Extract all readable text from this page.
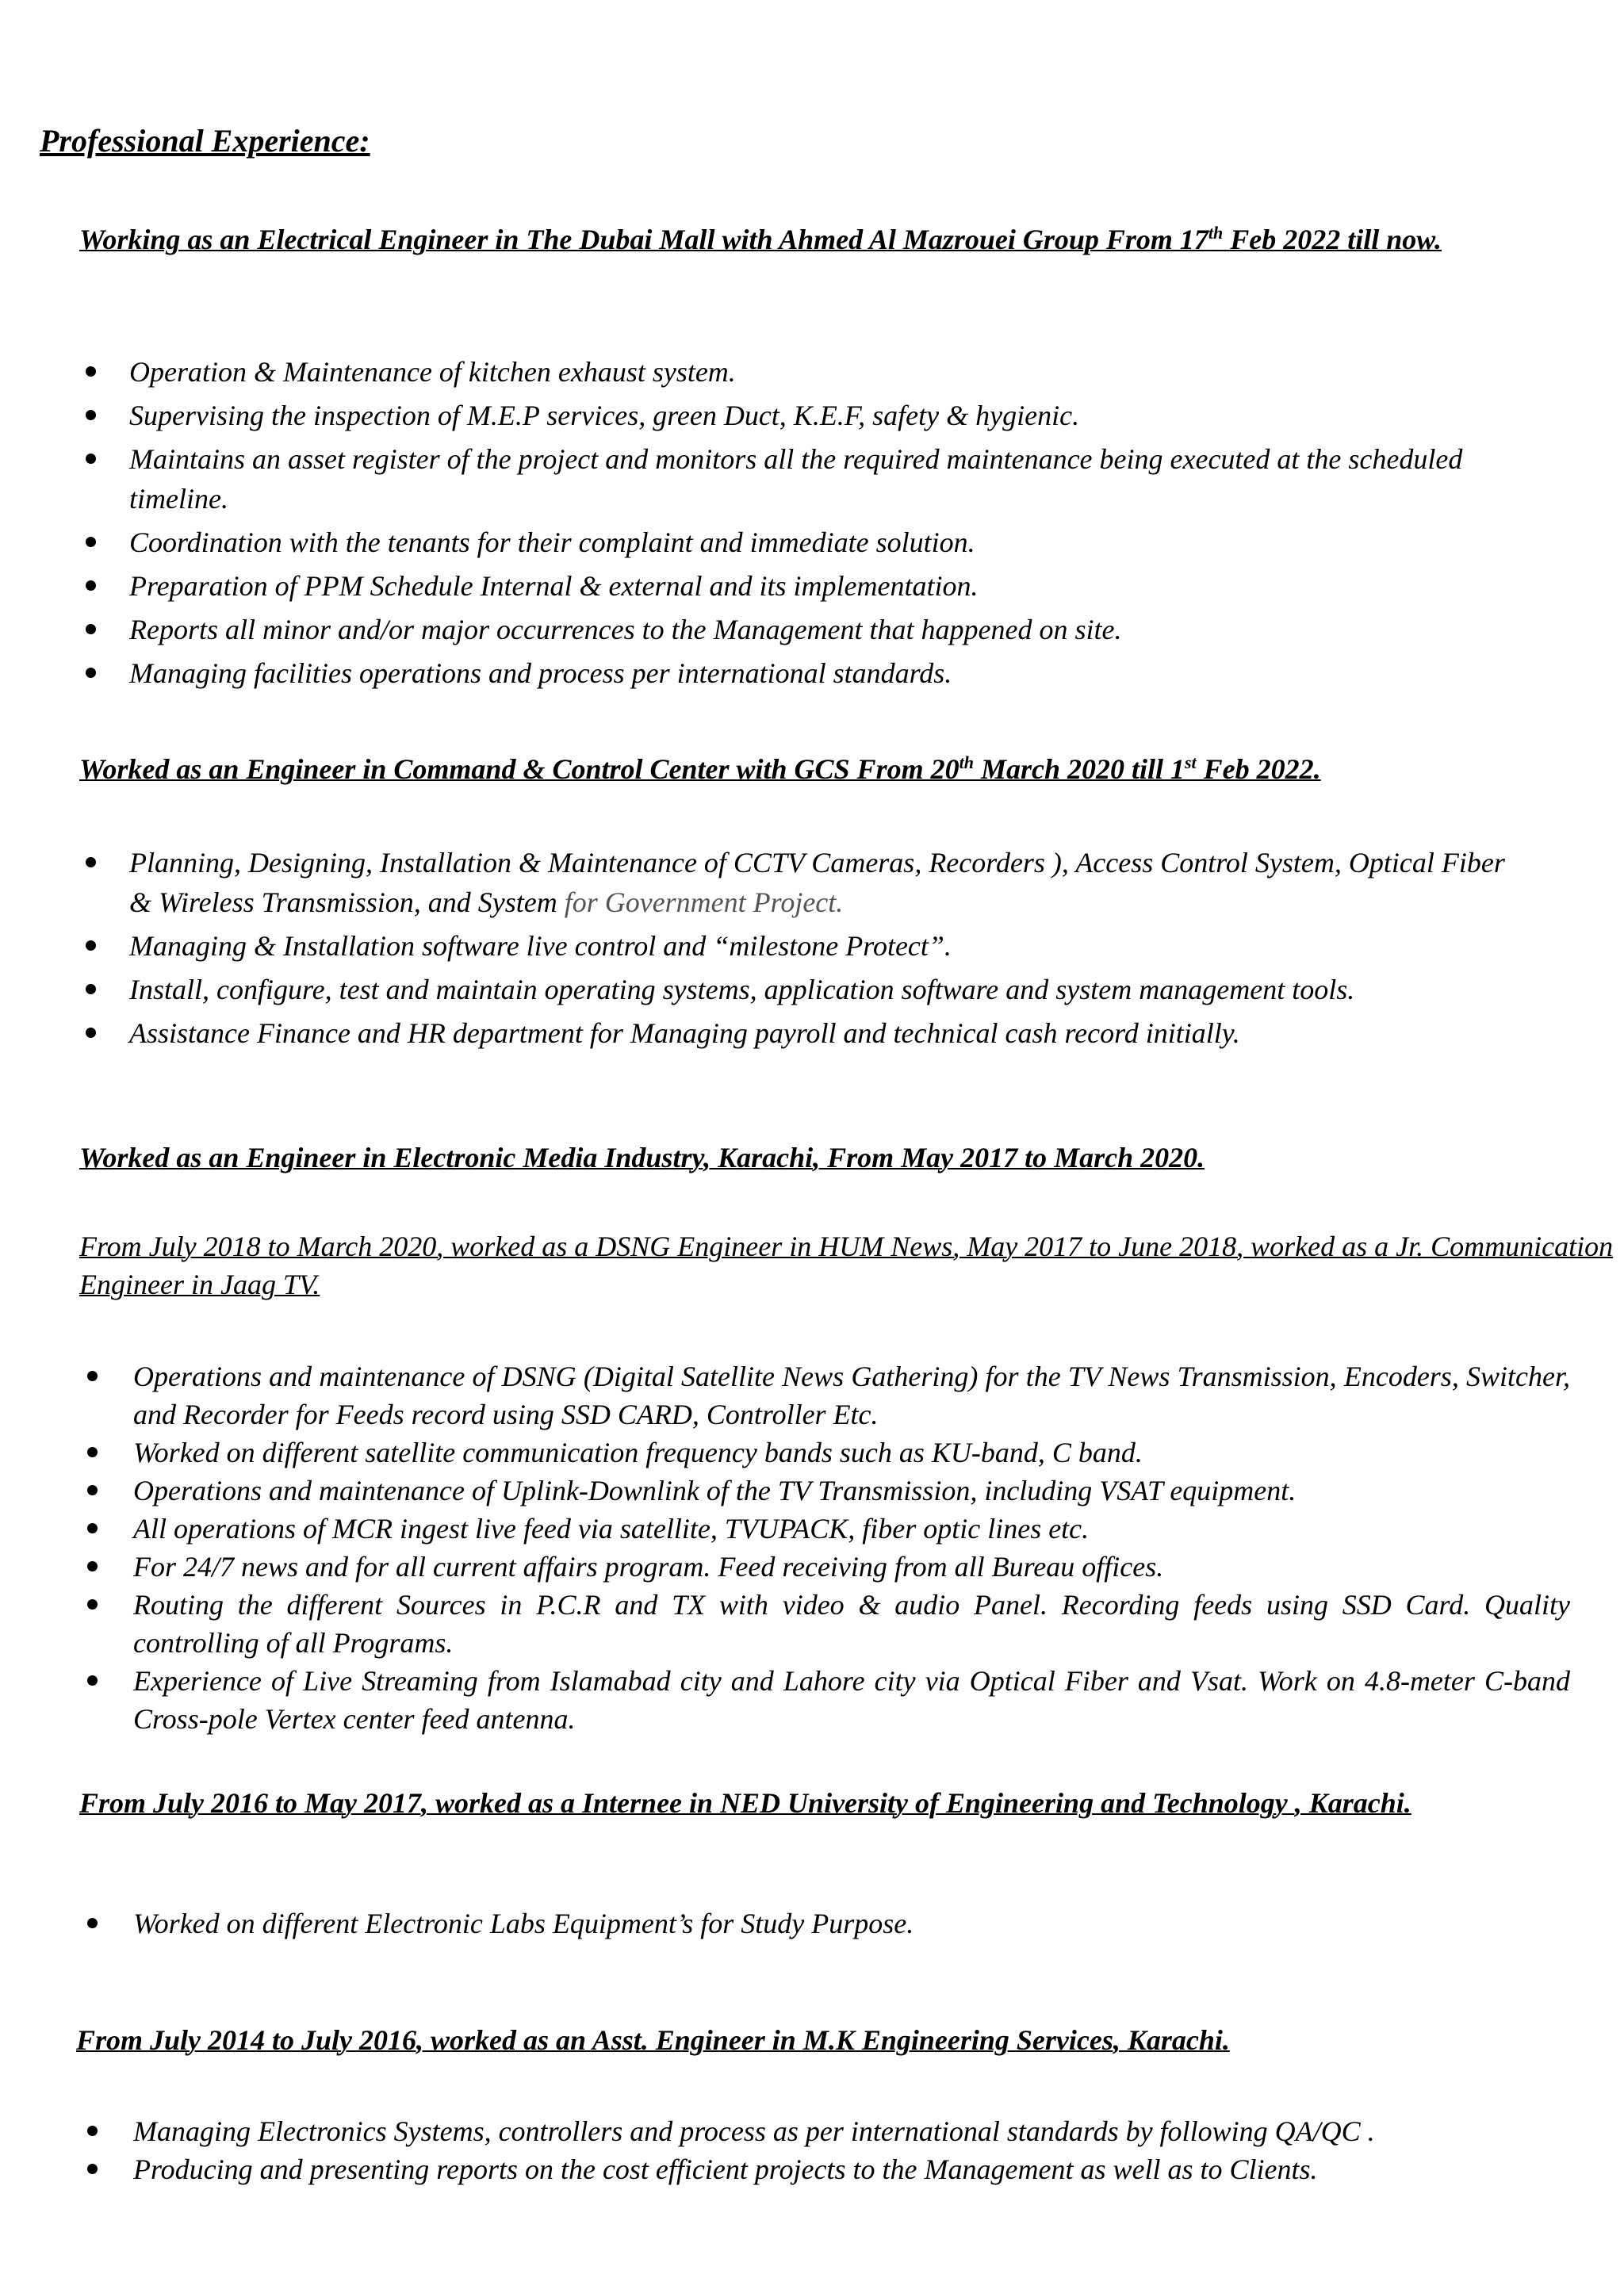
Professional Experience:
Working as an Electrical Engineer in The Dubai Mall with Ahmed Al Mazrouei Group From 17th Feb 2022 till now.
Operation & Maintenance of kitchen exhaust system.
Supervising the inspection of M.E.P services, green Duct, K.E.F, safety & hygienic.
Maintains an asset register of the project and monitors all the required maintenance being executed at the scheduled timeline.
Coordination with the tenants for their complaint and immediate solution.
Preparation of PPM Schedule Internal & external and its implementation.
Reports all minor and/or major occurrences to the Management that happened on site.
Managing facilities operations and process per international standards.
Worked as an Engineer in Command & Control Center with GCS From 20th March 2020 till 1st Feb 2022.
Planning, Designing, Installation & Maintenance of CCTV Cameras, Recorders ), Access Control System, Optical Fiber & Wireless Transmission, and System for Government Project.
Managing & Installation software live control and “milestone Protect”.
Install, configure, test and maintain operating systems, application software and system management tools.
Assistance Finance and HR department for Managing payroll and technical cash record initially.
Worked as an Engineer in Electronic Media Industry, Karachi, From May 2017 to March 2020.
From July 2018 to March 2020, worked as a DSNG Engineer in HUM News, May 2017 to June 2018, worked as a Jr. Communication Engineer in Jaag TV.
Operations and maintenance of DSNG (Digital Satellite News Gathering) for the TV News Transmission, Encoders, Switcher, and Recorder for Feeds record using SSD CARD, Controller Etc.
Worked on different satellite communication frequency bands such as KU-band, C band.
Operations and maintenance of Uplink-Downlink of the TV Transmission, including VSAT equipment.
All operations of MCR ingest live feed via satellite, TVUPACK, fiber optic lines etc.
For 24/7 news and for all current affairs program. Feed receiving from all Bureau offices.
Routing the different Sources in P.C.R and TX with video & audio Panel. Recording feeds using SSD Card. Quality controlling of all Programs.
Experience of Live Streaming from Islamabad city and Lahore city via Optical Fiber and Vsat. Work on 4.8-meter C-band Cross-pole Vertex center feed antenna.
From July 2016 to May 2017, worked as a Internee in NED University of Engineering and Technology , Karachi.
Worked on different Electronic Labs Equipment’s for Study Purpose.
From July 2014 to July 2016, worked as an Asst. Engineer in M.K Engineering Services, Karachi.
Managing Electronics Systems, controllers and process as per international standards by following QA/QC .
Producing and presenting reports on the cost efficient projects to the Management as well as to Clients.
